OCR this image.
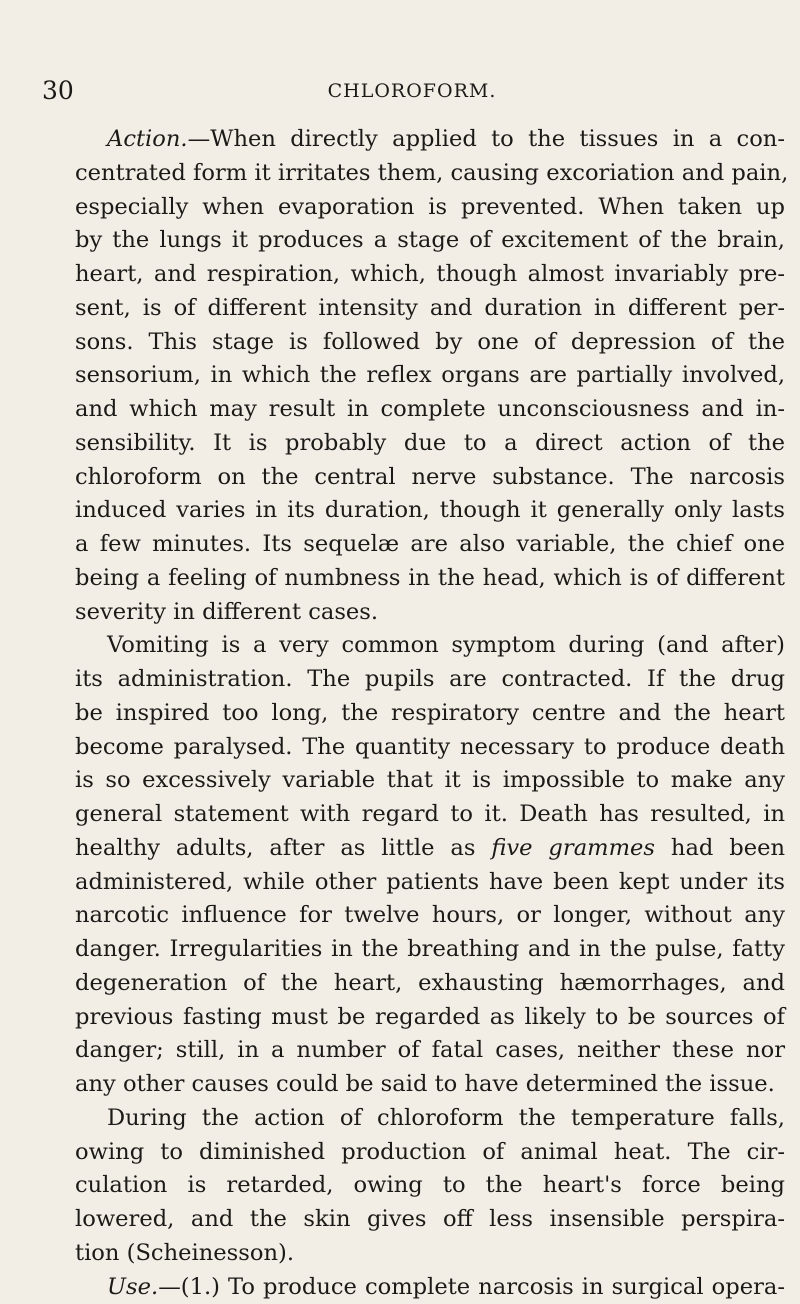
30	CHLOROFORM.
Action.—When directly applied to the tissues in a con-
centrated form it irritates them, causing excoriation and pain,
especially when evaporation is prevented. When taken up
by the lungs it produces a stage of excitement of the brain,
heart, and respiration, which, though almost invariably pre-
sent, is of different intensity and duration in different per-
sons. This stage is followed by one of depression of the
sensorium, in which the reflex organs are partially involved,
and which may result in complete unconsciousness and in-
sensibility. It is probably due to a direct action of the
chloroform on the central nerve substance. The narcosis
induced varies in its duration, though it generally only lasts
a few minutes. Its sequelæ are also variable, the chief one
being a feeling of numbness in the head, which is of different
severity in different cases.
Vomiting is a very common symptom during (and after)
its administration. The pupils are contracted. If the drug
be inspired too long, the respiratory centre and the heart
become paralysed. The quantity necessary to produce death
is so excessively variable that it is impossible to make any
general statement with regard to it. Death has resulted, in
healthy adults, after as little as five grammes had been
administered, while other patients have been kept under its
narcotic influence for twelve hours, or longer, without any
danger. Irregularities in the breathing and in the pulse, fatty
degeneration of the heart, exhausting hæmorrhages, and
previous fasting must be regarded as likely to be sources of
danger; still, in a number of fatal cases, neither these nor
any other causes could be said to have determined the issue.
During the action of chloroform the temperature falls,
owing to diminished production of animal heat. The cir-
culation is retarded, owing to the heart's force being
lowered, and the skin gives off less insensible perspira-
tion (Scheinesson).
Use.—(1.) To produce complete narcosis in surgical opera-
